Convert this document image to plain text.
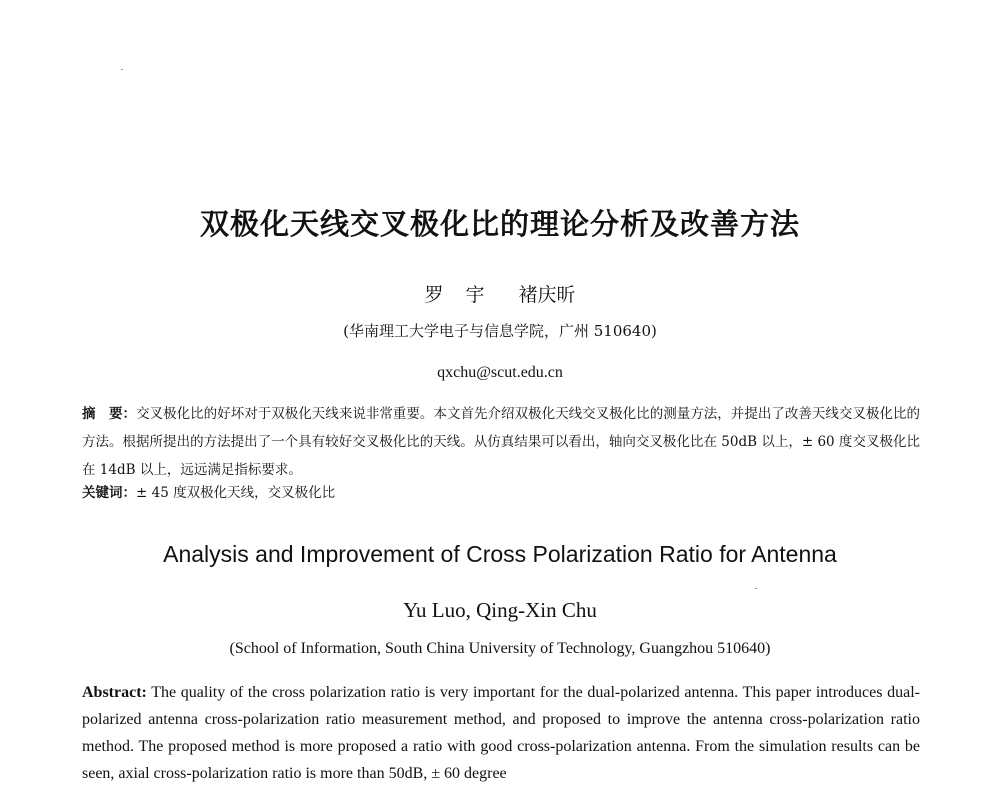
双极化天线交叉极化比的理论分析及改善方法
罗宇 褚庆昕
(华南理工大学电子与信息学院，广州 510640)
qxchu@scut.edu.cn
摘　要：交叉极化比的好坏对于双极化天线来说非常重要。本文首先介绍双极化天线交叉极化比的测量方法，并提出了改善天线交叉极化比的方法。根据所提出的方法提出了一个具有较好交叉极化比的天线。从仿真结果可以看出，轴向交叉极化比在 50dB 以上，± 60 度交叉极化比在 14dB 以上，远远满足指标要求。
关键词：± 45 度双极化天线，交叉极化比
Analysis and Improvement of Cross Polarization Ratio for Antenna
Yu Luo, Qing-Xin Chu
(School of Information, South China University of Technology, Guangzhou 510640)
Abstract: The quality of the cross polarization ratio is very important for the dual-polarized antenna. This paper introduces dual-polarized antenna cross-polarization ratio measurement method, and proposed to improve the antenna cross-polarization ratio method. The proposed method is more proposed a ratio with good cross-polarization antenna. From the simulation results can be seen, axial cross-polarization ratio is more than 50dB, ± 60 degree
